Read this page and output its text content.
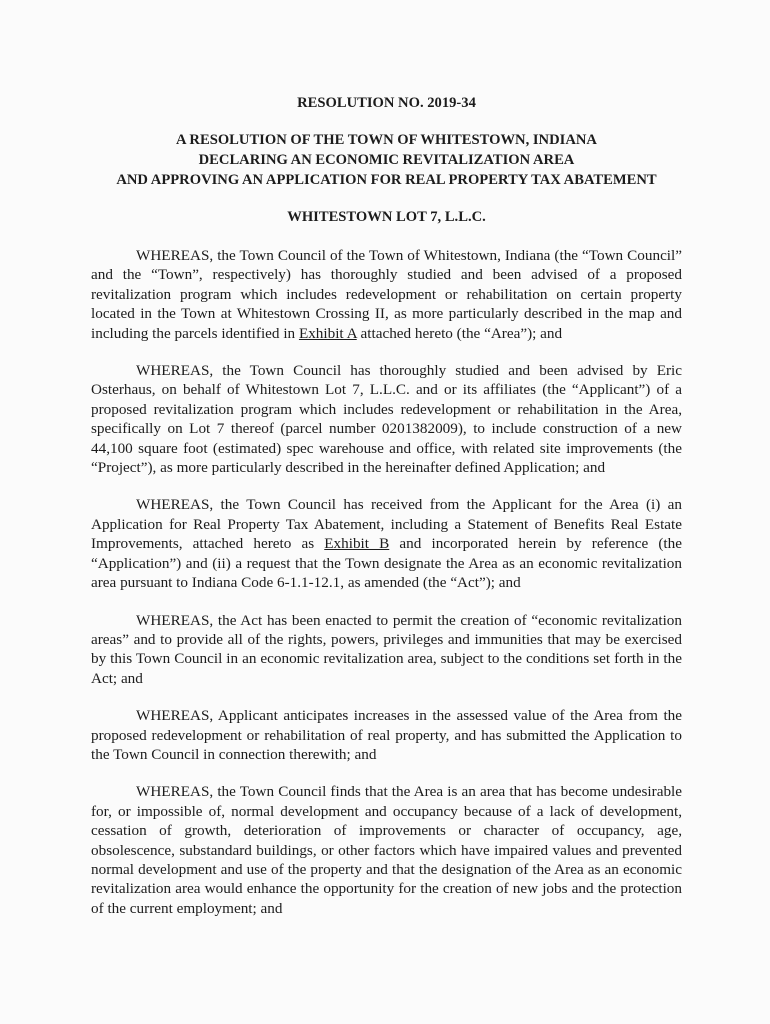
RESOLUTION NO. 2019-34

A RESOLUTION OF THE TOWN OF WHITESTOWN, INDIANA
DECLARING AN ECONOMIC REVITALIZATION AREA
AND APPROVING AN APPLICATION FOR REAL PROPERTY TAX ABATEMENT

WHITESTOWN LOT 7, L.L.C.

WHEREAS, the Town Council of the Town of Whitestown, Indiana (the “Town Council” and the “Town”, respectively) has thoroughly studied and been advised of a proposed revitalization program which includes redevelopment or rehabilitation on certain property located in the Town at Whitestown Crossing II, as more particularly described in the map and including the parcels identified in Exhibit A attached hereto (the “Area”); and

WHEREAS, the Town Council has thoroughly studied and been advised by Eric Osterhaus, on behalf of Whitestown Lot 7, L.L.C. and or its affiliates (the “Applicant”) of a proposed revitalization program which includes redevelopment or rehabilitation in the Area, specifically on Lot 7 thereof (parcel number 0201382009), to include construction of a new 44,100 square foot (estimated) spec warehouse and office, with related site improvements (the “Project”), as more particularly described in the hereinafter defined Application; and

WHEREAS, the Town Council has received from the Applicant for the Area (i) an Application for Real Property Tax Abatement, including a Statement of Benefits Real Estate Improvements, attached hereto as Exhibit B and incorporated herein by reference (the “Application”) and (ii) a request that the Town designate the Area as an economic revitalization area pursuant to Indiana Code 6-1.1-12.1, as amended (the “Act”); and

WHEREAS, the Act has been enacted to permit the creation of “economic revitalization areas” and to provide all of the rights, powers, privileges and immunities that may be exercised by this Town Council in an economic revitalization area, subject to the conditions set forth in the Act; and

WHEREAS, Applicant anticipates increases in the assessed value of the Area from the proposed redevelopment or rehabilitation of real property, and has submitted the Application to the Town Council in connection therewith; and

WHEREAS, the Town Council finds that the Area is an area that has become undesirable for, or impossible of, normal development and occupancy because of a lack of development, cessation of growth, deterioration of improvements or character of occupancy, age, obsolescence, substandard buildings, or other factors which have impaired values and prevented normal development and use of the property and that the designation of the Area as an economic revitalization area would enhance the opportunity for the creation of new jobs and the protection of the current employment; and
